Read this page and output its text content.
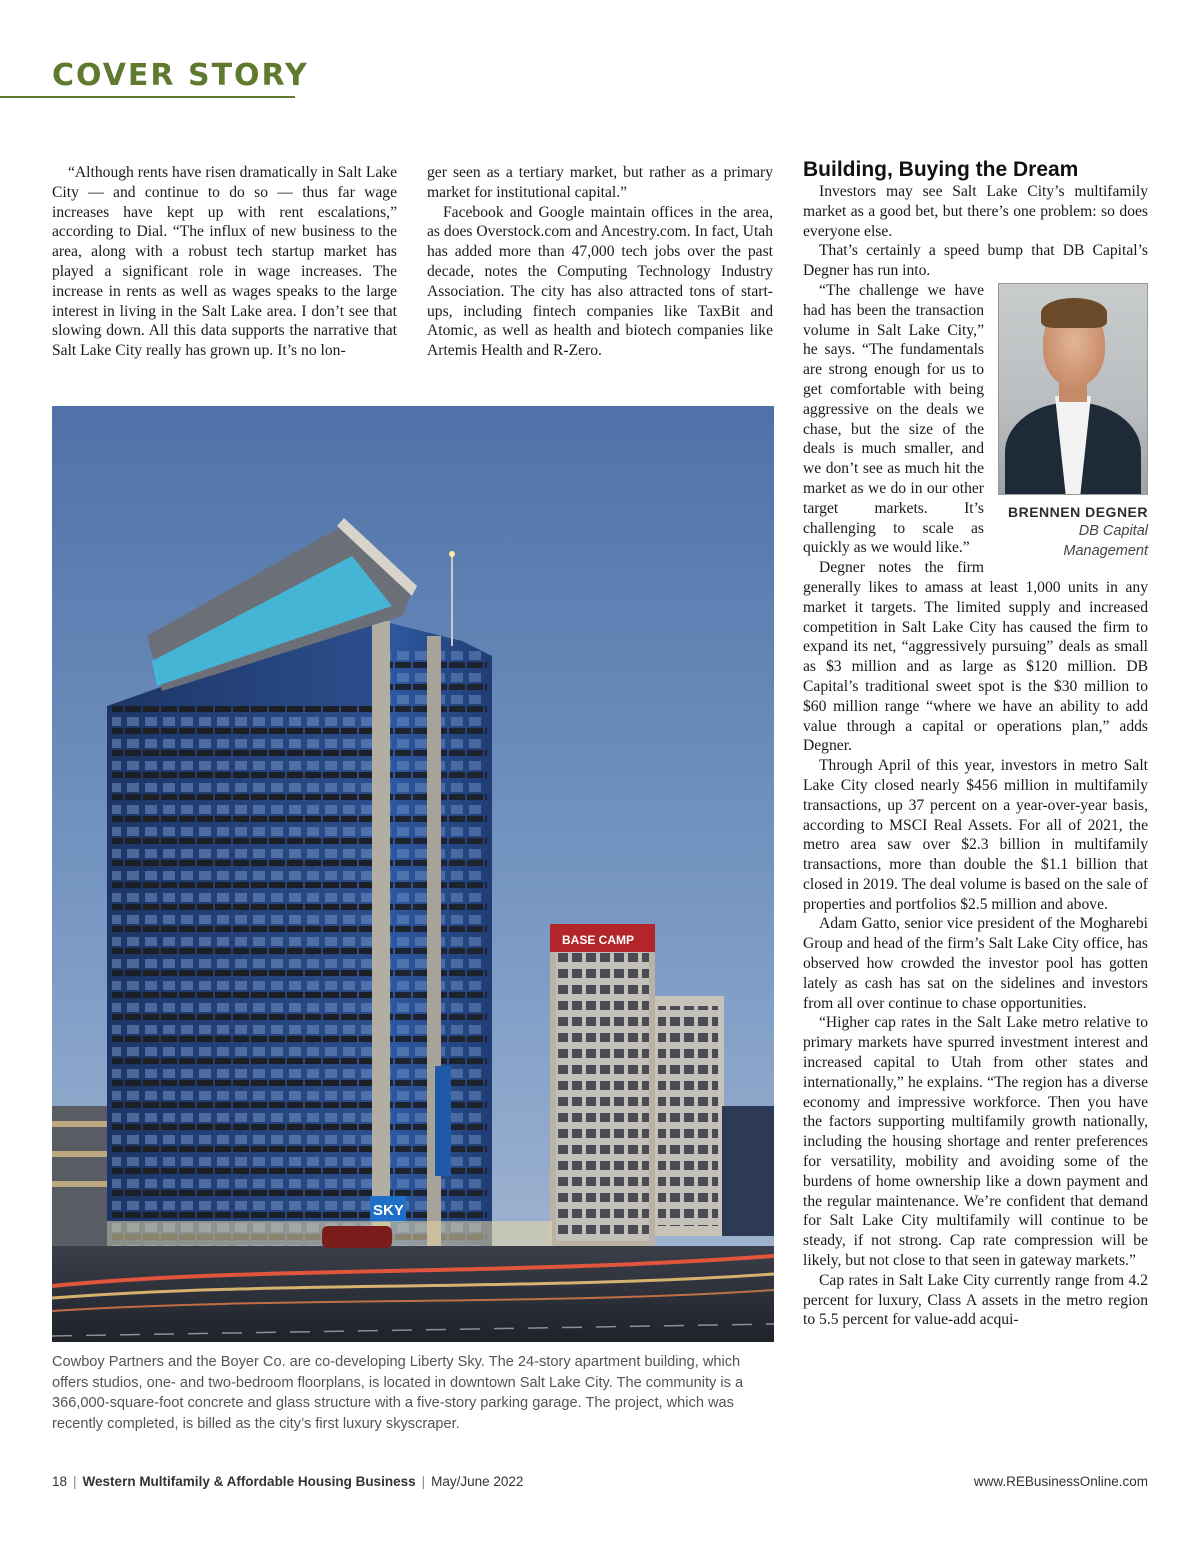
COVER STORY

“Although rents have risen dramatically in Salt Lake City — and continue to do so — thus far wage increases have kept up with rent escalations,” according to Dial. “The influx of new business to the area, along with a robust tech startup market has played a significant role in wage increases. The increase in rents as well as wages speaks to the large interest in living in the Salt Lake area. I don’t see that slowing down. All this data supports the narrative that Salt Lake City really has grown up. It’s no lon-

ger seen as a tertiary market, but rather as a primary market for institutional capital.”

Facebook and Google maintain offices in the area, as does Overstock.com and Ancestry.com. In fact, Utah has added more than 47,000 tech jobs over the past decade, notes the Computing Technology Industry Association. The city has also attracted tons of start-ups, including fintech companies like TaxBit and Atomic, as well as health and biotech companies like Artemis Health and R-Zero.

Building, Buying the Dream

Investors may see Salt Lake City’s multifamily market as a good bet, but there’s one problem: so does everyone else.

That’s certainly a speed bump that DB Capital’s Degner has run into.

BRENNEN DEGNER
DB Capital
Management

“The challenge we have had has been the transaction volume in Salt Lake City,” he says. “The fundamentals are strong enough for us to get comfortable with being aggressive on the deals we chase, but the size of the deals is much smaller, and we don’t see as much hit the market as we do in our other target markets. It’s challenging to scale as quickly as we would like.”

Degner notes the firm generally likes to amass at least 1,000 units in any market it targets. The limited supply and increased competition in Salt Lake City has caused the firm to expand its net, “aggressively pursuing” deals as small as $3 million and as large as $120 million. DB Capital’s traditional sweet spot is the $30 million to $60 million range “where we have an ability to add value through a capital or operations plan,” adds Degner.

Through April of this year, investors in metro Salt Lake City closed nearly $456 million in multifamily transactions, up 37 percent on a year-over-year basis, according to MSCI Real Assets. For all of 2021, the metro area saw over $2.3 billion in multifamily transactions, more than double the $1.1 billion that closed in 2019. The deal volume is based on the sale of properties and portfolios $2.5 million and above.

Adam Gatto, senior vice president of the Mogharebi Group and head of the firm’s Salt Lake City office, has observed how crowded the investor pool has gotten lately as cash has sat on the sidelines and investors from all over continue to chase opportunities.

“Higher cap rates in the Salt Lake metro relative to primary markets have spurred investment interest and increased capital to Utah from other states and internationally,” he explains. “The region has a diverse economy and impressive workforce. Then you have the factors supporting multifamily growth nationally, including the housing shortage and renter preferences for versatility, mobility and avoiding some of the burdens of home ownership like a down payment and the regular maintenance. We’re confident that demand for Salt Lake City multifamily will continue to be steady, if not strong. Cap rate compression will be likely, but not close to that seen in gateway markets.”

Cap rates in Salt Lake City currently range from 4.2 percent for luxury, Class A assets in the metro region to 5.5 percent for value-add acqui-

BASE CAMP
SKY
Cowboy Partners and the Boyer Co. are co-developing Liberty Sky. The 24-story apartment building, which offers studios, one- and two-bedroom floorplans, is located in downtown Salt Lake City. The community is a 366,000-square-foot concrete and glass structure with a five-story parking garage. The project, which was recently completed, is billed as the city’s first luxury skyscraper.
18 | Western Multifamily & Affordable Housing Business | May/June 2022	www.REBusinessOnline.com
